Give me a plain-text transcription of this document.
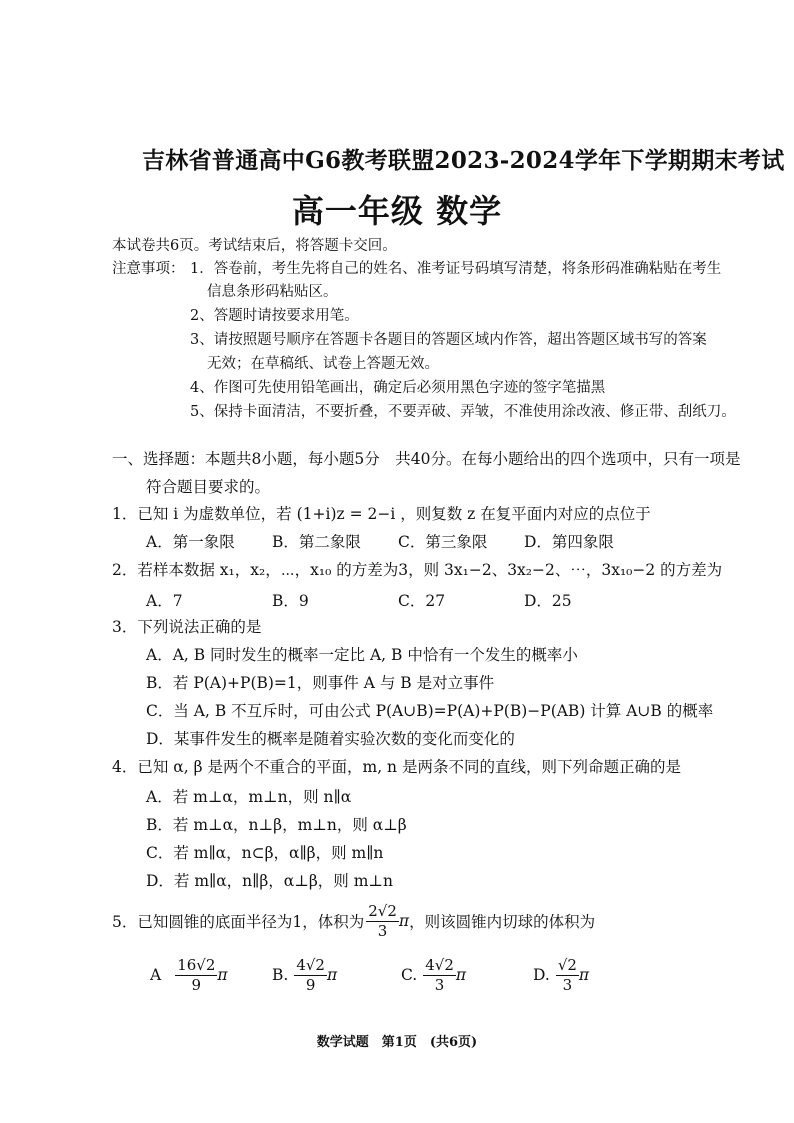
吉林省普通高中G6教考联盟2023-2024学年下学期期末考试
高一年级 数学
本试卷共6页。考试结束后，将答题卡交回。
注意事项： 1．答卷前，考生先将自己的姓名、准考证号码填写清楚，将条形码准确粘贴在考生
信息条形码粘贴区。
2、答题时请按要求用笔。
3、请按照题号顺序在答题卡各题目的答题区域内作答，超出答题区域书写的答案
无效；在草稿纸、试卷上答题无效。
4、作图可先使用铅笔画出，确定后必须用黑色字迹的签字笔描黑
5、保持卡面清洁，不要折叠，不要弄破、弄皱，不准使用涂改液、修正带、刮纸刀。
一、选择题：本题共8小题，每小题5分　共40分。在每小题给出的四个选项中，只有一项是
符合题目要求的。
1．已知 i 为虚数单位，若 (1+i)z = 2−i ，则复数 z 在复平面内对应的点位于
A．第一象限 B．第二象限 C．第三象限 D．第四象限
2．若样本数据 x₁，x₂，⋯，x₁₀ 的方差为3，则 3x₁−2、3x₂−2、⋯，3x₁₀−2 的方差为
A．7	B．9	C．27	D．25
3．下列说法正确的是
A．A, B 同时发生的概率一定比 A, B 中恰有一个发生的概率小
B．若 P(A)+P(B)=1，则事件 A 与 B 是对立事件
C．当 A, B 不互斥时，可由公式 P(A∪B)=P(A)+P(B)−P(AB) 计算 A∪B 的概率
D．某事件发生的概率是随着实验次数的变化而变化的
4．已知 α, β 是两个不重合的平面，m, n 是两条不同的直线，则下列命题正确的是
A．若 m⊥α，m⊥n，则 n∥α
B．若 m⊥α，n⊥β，m⊥n，则 α⊥β
C．若 m∥α，n⊂β，α∥β，则 m∥n
D．若 m∥α，n∥β，α⊥β，则 m⊥n
5．已知圆锥的底面半径为1，体积为 $\frac{2√2}{3}$ π ，则该圆锥内切球的体积为
A $\frac{16√2}{9}$ π	B. $\frac{4√2}{9}$ π	C. $\frac{4√2}{3}$ π	D. $\frac{√2}{3}$ π
数学试题　第1页　(共6页)
